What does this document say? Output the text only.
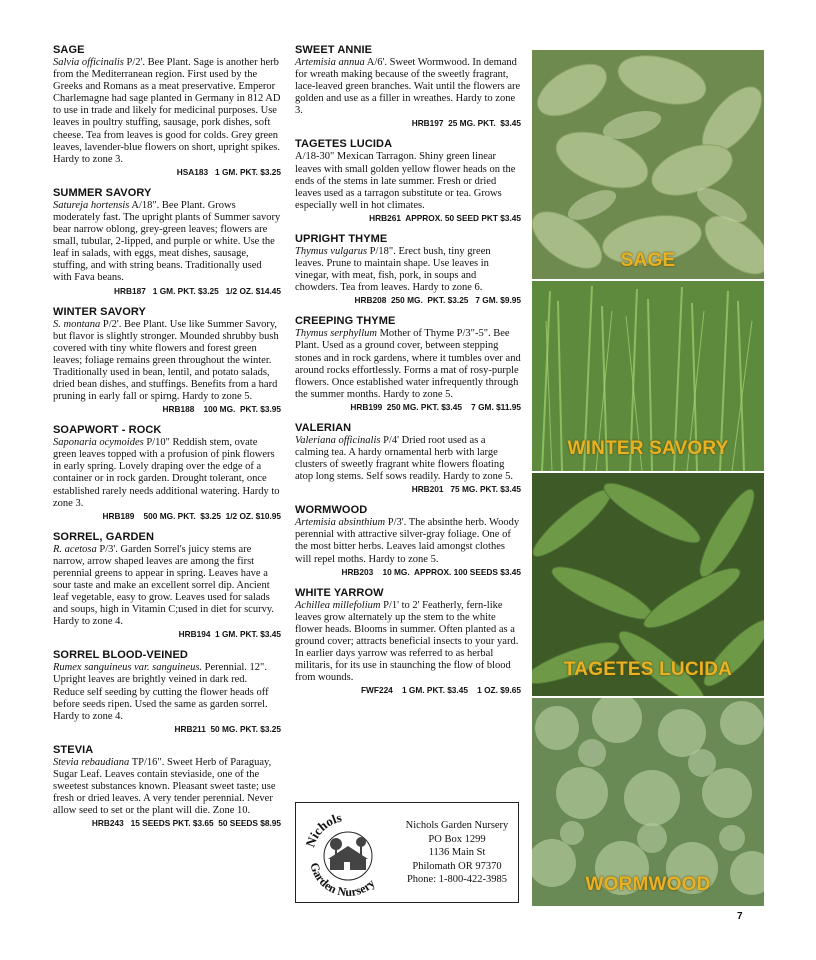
SAGE

Salvia officinalis P/2'. Bee Plant. Sage is another herb from the Mediterranean region. First used by the Greeks and Romans as a meat preservative. Emperor Charlemagne had sage planted in Germany in 812 AD to use in trade and likely for medicinal purposes. Use leaves in poultry stuffing, sausage, pork dishes, soft cheese. Tea from leaves is good for colds. Grey green leaves, lavender-blue flowers on short, upright spikes. Hardy to zone 3.

HSA183   1 GM. PKT. $3.25
SUMMER SAVORY

Satureja hortensis A/18". Bee Plant. Grows moderately fast. The upright plants of Summer savory bear narrow oblong, grey-green leaves; flowers are small, tubular, 2-lipped, and purple or white. Use the leaf in salads, with eggs, meat dishes, sausage, stuffing, and with string beans. Traditionally used with Fava beans.

HRB187   1 GM. PKT. $3.25   1/2 OZ. $14.45
WINTER SAVORY

S. montana P/2'. Bee Plant. Use like Summer Savory, but flavor is slightly stronger. Mounded shrubby bush covered with tiny white flowers and forest green leaves; foliage remains green throughout the winter. Traditionally used in bean, lentil, and potato salads, dried bean dishes, and stuffings. Benefits from a hard pruning in early fall or spirng. Hardy to zone 5.

HRB188    100 MG.  PKT. $3.95
SOAPWORT - ROCK

Saponaria ocymoides P/10" Reddish stem, ovate green leaves topped with a profusion of pink flowers in early spring. Lovely draping over the edge of a container or in rock garden. Drought tolerant, once established rarely needs additional watering. Hardy to zone 3.

HRB189    500 MG. PKT.  $3.25  1/2 OZ. $10.95
SORREL, GARDEN

R. acetosa P/3'. Garden Sorrel's juicy stems are narrow, arrow shaped leaves are among the first perennial greens to appear in spring. Leaves have a sour taste and make an excellent sorrel dip. Ancient leaf vegetable, easy to grow. Leaves used for salads and soups, high in Vitamin C;used in diet for scurvy. Hardy to zone 4.

HRB194  1 GM. PKT. $3.45
SORREL BLOOD-VEINED

Rumex sanguineus var. sanguineus. Perennial. 12". Upright leaves are brightly veined in dark red. Reduce self seeding by cutting the flower heads off before seeds ripen. Used the same as garden sorrel. Hardy to zone 4.

HRB211  50 MG. PKT. $3.25
STEVIA

Stevia rebaudiana TP/16". Sweet Herb of Paraguay, Sugar Leaf. Leaves contain steviaside, one of the sweetest substances known. Pleasant sweet taste; use fresh or dried leaves. A very tender perennial. Never allow seed to set or the plant will die. Zone 10.

HRB243   15 SEEDS PKT. $3.65  50 SEEDS $8.95
SWEET ANNIE

Artemisia annua A/6'. Sweet Wormwood. In demand for wreath making because of the sweetly fragrant, lace-leaved green branches. Wait until the flowers are golden and use as a filler in wreathes. Hardy to zone 3.

HRB197  25 MG. PKT.  $3.45
TAGETES LUCIDA

A/18-30" Mexican Tarragon. Shiny green linear leaves with small golden yellow flower heads on the ends of the stems in late summer. Fresh or dried leaves used as a tarragon substitute or tea. Grows especially well in hot climates.

HRB261  APPROX. 50 SEED PKT $3.45
UPRIGHT THYME

Thymus vulgarus P/18". Erect bush, tiny green leaves. Prune to maintain shape. Use leaves in vinegar, with meat, fish, pork, in soups and chowders. Tea from leaves. Hardy to zone 6.

HRB208  250 MG.  PKT. $3.25   7 GM. $9.95
CREEPING THYME

Thymus serphyllum Mother of Thyme P/3"-5". Bee Plant. Used as a ground cover, between stepping stones and in rock gardens, where it tumbles over and around rocks effortlessly. Forms a mat of rosy-purple flowers. Once established water infrequently through the summer months. Hardy to zone 5.

HRB199  250 MG. PKT. $3.45    7 GM. $11.95
VALERIAN

Valeriana officinalis P/4' Dried root used as a calming tea. A hardy ornamental herb with large clusters of sweetly fragrant white flowers floating atop long stems. Self sows readily. Hardy to zone 5.

HRB201   75 MG. PKT. $3.45
WORMWOOD

Artemisia absinthium P/3'. The absinthe herb. Woody perennial with attractive silver-gray foliage. One of the most bitter herbs. Leaves laid amongst clothes will repel moths. Hardy to zone 5.

HRB203    10 MG.  APPROX. 100 SEEDS $3.45
WHITE YARROW

Achillea millefolium P/1' to 2' Featherly, fern-like leaves grow alternately up the stem to the white flower heads. Blooms in summer. Often planted as a ground cover; attracts beneficial insects to your yard. In earlier days yarrow was referred to as herbal militaris, for its use in staunching the flow of blood from wounds.

FWF224    1 GM. PKT. $3.45    1 OZ. $9.65
SAGE
WINTER SAVORY
TAGETES LUCIDA
WORMWOOD
Nichols
Garden Nursery
Nichols Garden Nursery
PO Box 1299
1136 Main St
Philomath OR 97370
Phone: 1-800-422-3985
7
